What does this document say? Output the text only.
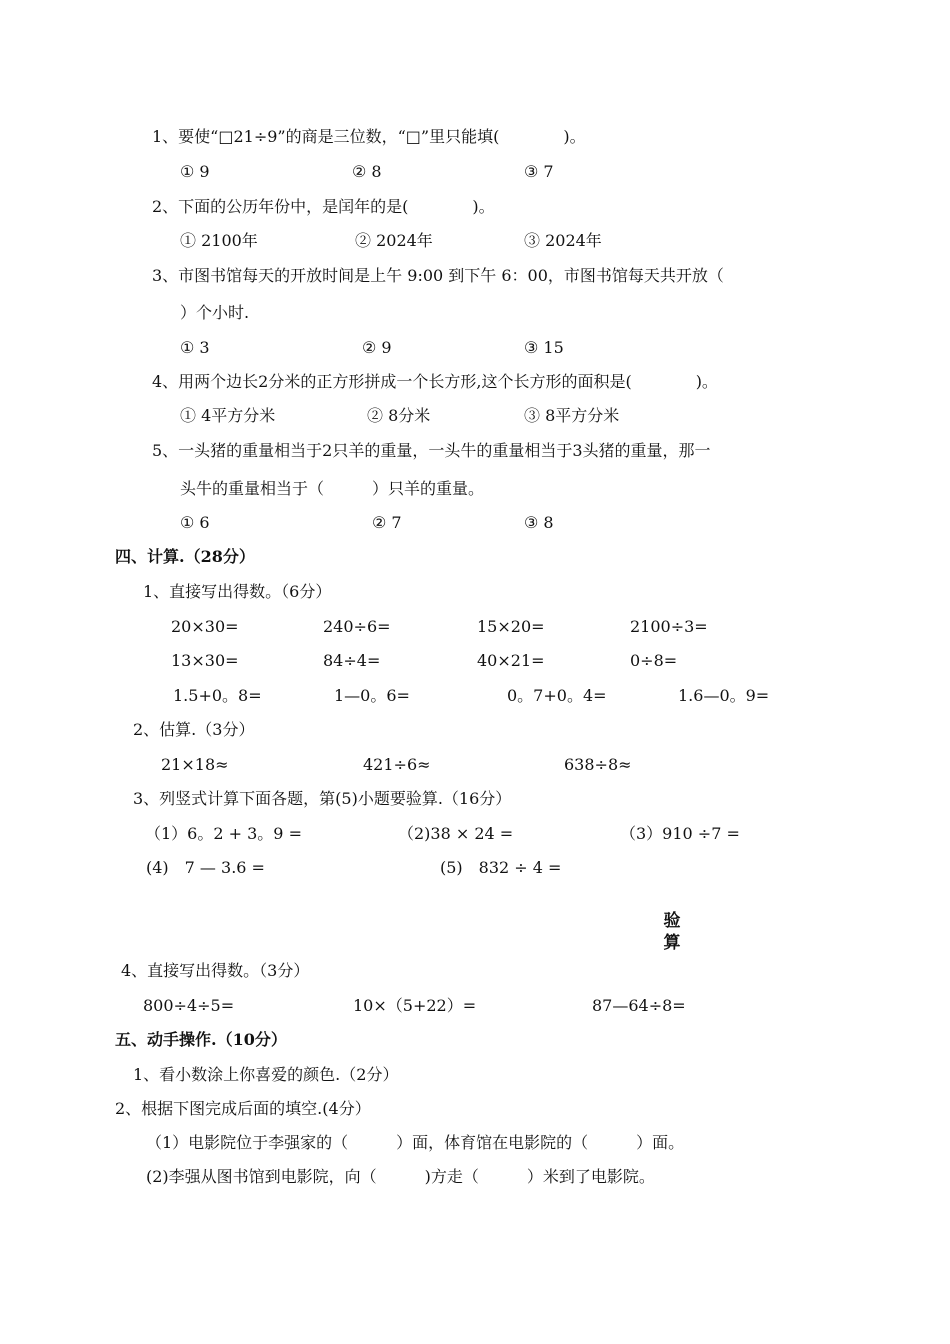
1、要使“□21÷9”的商是三位数，“□”里只能填(　　　　)。
① 9	② 8	③ 7
2、下面的公历年份中，是闰年的是(　　　　)。
① 2100年	② 2024年	③ 2024年
3、市图书馆每天的开放时间是上午 9:00 到下午 6：00，市图书馆每天共开放（
）个小时.
① 3	② 9	③ 15
4、用两个边长2分米的正方形拼成一个长方形,这个长方形的面积是(　　　　)。
① 4平方分米	② 8分米	③ 8平方分米
5、一头猪的重量相当于2只羊的重量，一头牛的重量相当于3头猪的重量，那一
头牛的重量相当于（　　　）只羊的重量。
① 6	② 7	③ 8
四、计算.（28分）
1、直接写出得数。（6分）
20×30=	240÷6=	15×20=	2100÷3=
13×30=	84÷4=	40×21=	0÷8=
1.5+0。8=	1—0。6=	0。7+0。4=	1.6—0。9=
2、估算.（3分）
21×18≈	421÷6≈	638÷8≈
3、列竖式计算下面各题，第(5)小题要验算.（16分）
（1）6。2 + 3。9 =	（2)38 × 24 =	（3）910 ÷7 =
(4)　7 — 3.6 =	(5)　832 ÷ 4 =
验
算
4、直接写出得数。（3分）
800÷4÷5=	10×（5+22）=	87—64÷8=
五、动手操作.（10分）
1、看小数涂上你喜爱的颜色.（2分）
2、根据下图完成后面的填空.(4分）
（1）电影院位于李强家的（　　　）面，体育馆在电影院的（　　　）面。
(2)李强从图书馆到电影院，向（　　　)方走（　　　）米到了电影院。
